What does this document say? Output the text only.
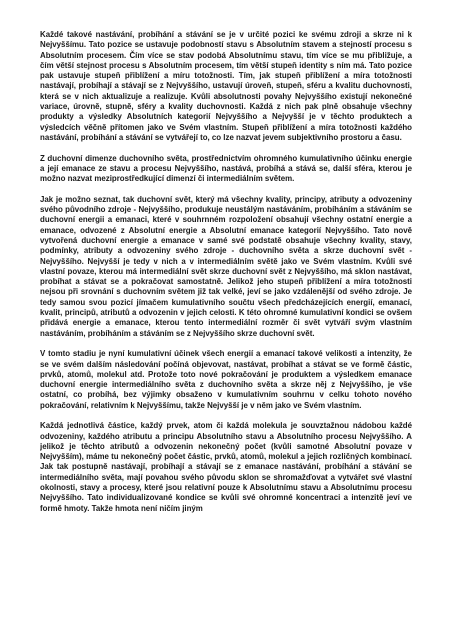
Každé takové nastávání, probíhání a stávání se je v určité pozici ke svému zdroji a skrze ni k Nejvyššímu. Tato pozice se ustavuje podobností stavu s Absolutním stavem a stejností procesu s Absolutním procesem. Čím více se stav podobá Absolutnímu stavu, tím více se mu přibližuje, a čím větší stejnost procesu s Absolutním procesem, tím větší stupeň identity s ním má. Tato pozice pak ustavuje stupeň přiblížení a míru totožnosti. Tím, jak stupeň přiblížení a míra totožnosti nastávají, probíhají a stávají se z Nejvyššího, ustavují úroveň, stupeň, sféru a kvalitu duchovnosti, která se v nich aktualizuje a realizuje. Kvůli absolutnosti povahy Nejvyššího existují nekonečné variace, úrovně, stupně, sféry a kvality duchovnosti. Každá z nich pak plně obsahuje všechny produkty a výsledky Absolutních kategorií Nejvyššího a Nejvyšší je v těchto produktech a výsledcích věčně přítomen jako ve Svém vlastním. Stupeň přiblížení a míra totožnosti každého nastávání, probíhání a stávání se vytvářejí to, co lze nazvat jevem subjektivního prostoru a času.

Z duchovní dimenze duchovního světa, prostřednictvím ohromného kumulativního účinku energie a její emanace ze stavu a procesu Nejvyššího, nastává, probíhá a stává se, další sféra, kterou je možno nazvat meziprostředkující dimenzí či intermediálním světem.

Jak je možno seznat, tak duchovní svět, který má všechny kvality, principy, atributy a odvozeniny svého původního zdroje - Nejvyššího, produkuje neustálým nastáváním, probíháním a stáváním se duchovní energii a emanaci, které v souhrnném rozpoložení obsahují všechny ostatní energie a emanace, odvozené z Absolutní energie a Absolutní emanace kategorií Nejvyššího. Tato nově vytvořená duchovní energie a emanace v samé své podstatě obsahuje všechny kvality, stavy, podmínky, atributy a odvozeniny svého zdroje - duchovního světa a skrze duchovní svět - Nejvyššího. Nejvyšší je tedy v nich a v intermediálním světě jako ve Svém vlastním. Kvůli své vlastní povaze, kterou má intermediální svět skrze duchovní svět z Nejvyššího, má sklon nastávat, probíhat a stávat se a pokračovat samostatně. Jelikož jeho stupeň přiblížení a míra totožnosti nejsou při srovnání s duchovním světem již tak velké, jeví se jako vzdálenější od svého zdroje. Je tedy samou svou pozicí jímačem kumulativního součtu všech předcházejících energií, emanací, kvalit, principů, atributů a odvozenin v jejich celosti. K této ohromné kumulativní kondici se ovšem přidává energie a emanace, kterou tento intermediální rozměr či svět vytváří svým vlastním nastáváním, probíháním a stáváním se z Nejvyššího skrze duchovní svět.

V tomto stadiu je nyní kumulativní účinek všech energií a emanací takové velikosti a intenzity, že se ve svém dalším následování počíná objevovat, nastávat, probíhat a stávat se ve formě částic, prvků, atomů, molekul atd. Protože toto nové pokračování je produktem a výsledkem emanace duchovní energie intermediálního světa z duchovního světa a skrze něj z Nejvyššího, je vše ostatní, co probíhá, bez výjimky obsaženo v kumulativním souhrnu v celku tohoto nového pokračování, relativním k Nejvyššímu, takže Nejvyšší je v něm jako ve Svém vlastním.

Každá jednotlivá částice, každý prvek, atom či každá molekula je souvztažnou nádobou každé odvozeniny, každého atributu a principu Absolutního stavu a Absolutního procesu Nejvyššího. A jelikož je těchto atributů a odvozenin nekonečný počet (kvůli samotné Absolutní povaze v Nejvyšším), máme tu nekonečný počet částic, prvků, atomů, molekul a jejich rozličných kombinací. Jak tak postupně nastávají, probíhají a stávají se z emanace nastávání, probíhání a stávání se intermediálního světa, mají povahou svého původu sklon se shromažďovat a vytvářet své vlastní okolnosti, stavy a procesy, které jsou relativní pouze k Absolutnímu stavu a Absolutnímu procesu Nejvyššího. Tato individualizované kondice se kvůli své ohromné koncentraci a intenzitě jeví ve formě hmoty. Takže hmota není ničím jiným
